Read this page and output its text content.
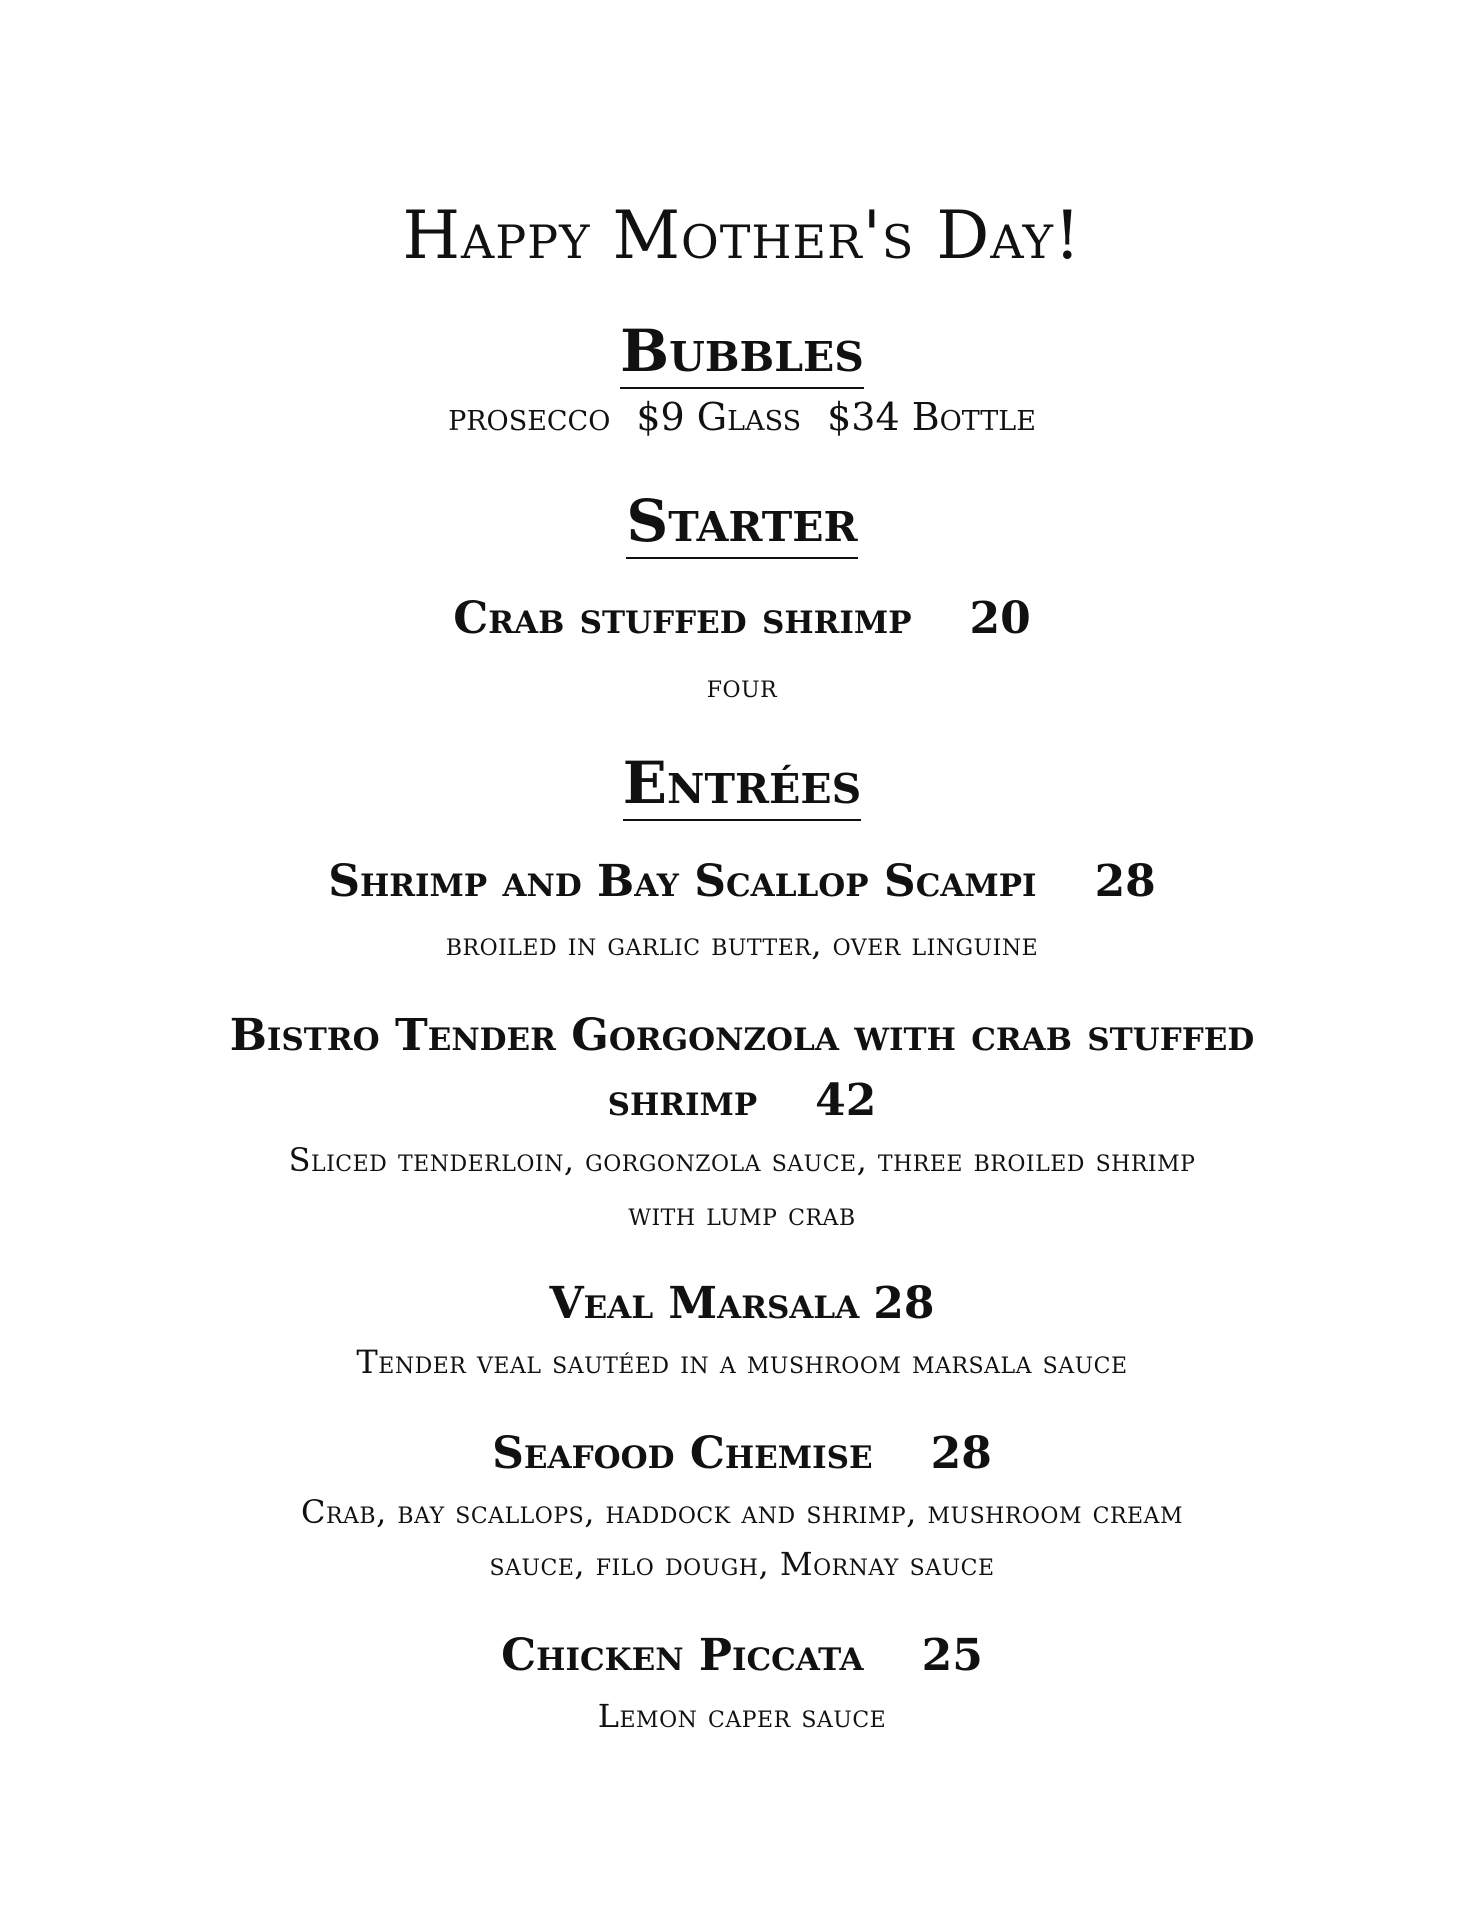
Happy Mother's Day!
Bubbles
prosecco $9 Glass $34 Bottle
Starter
Crab stuffed shrimp 20
four
Entrées
Shrimp and Bay Scallop Scampi 28
broiled in garlic butter, over linguine
Bistro Tender Gorgonzola with crab stuffed
shrimp 42
Sliced tenderloin, gorgonzola sauce, three broiled shrimp
with lump crab
Veal Marsala 28
Tender veal sautéed in a mushroom marsala sauce
Seafood Chemise 28
Crab, bay scallops, haddock and shrimp, mushroom cream
sauce, filo dough, Mornay sauce
Chicken Piccata 25
Lemon caper sauce
